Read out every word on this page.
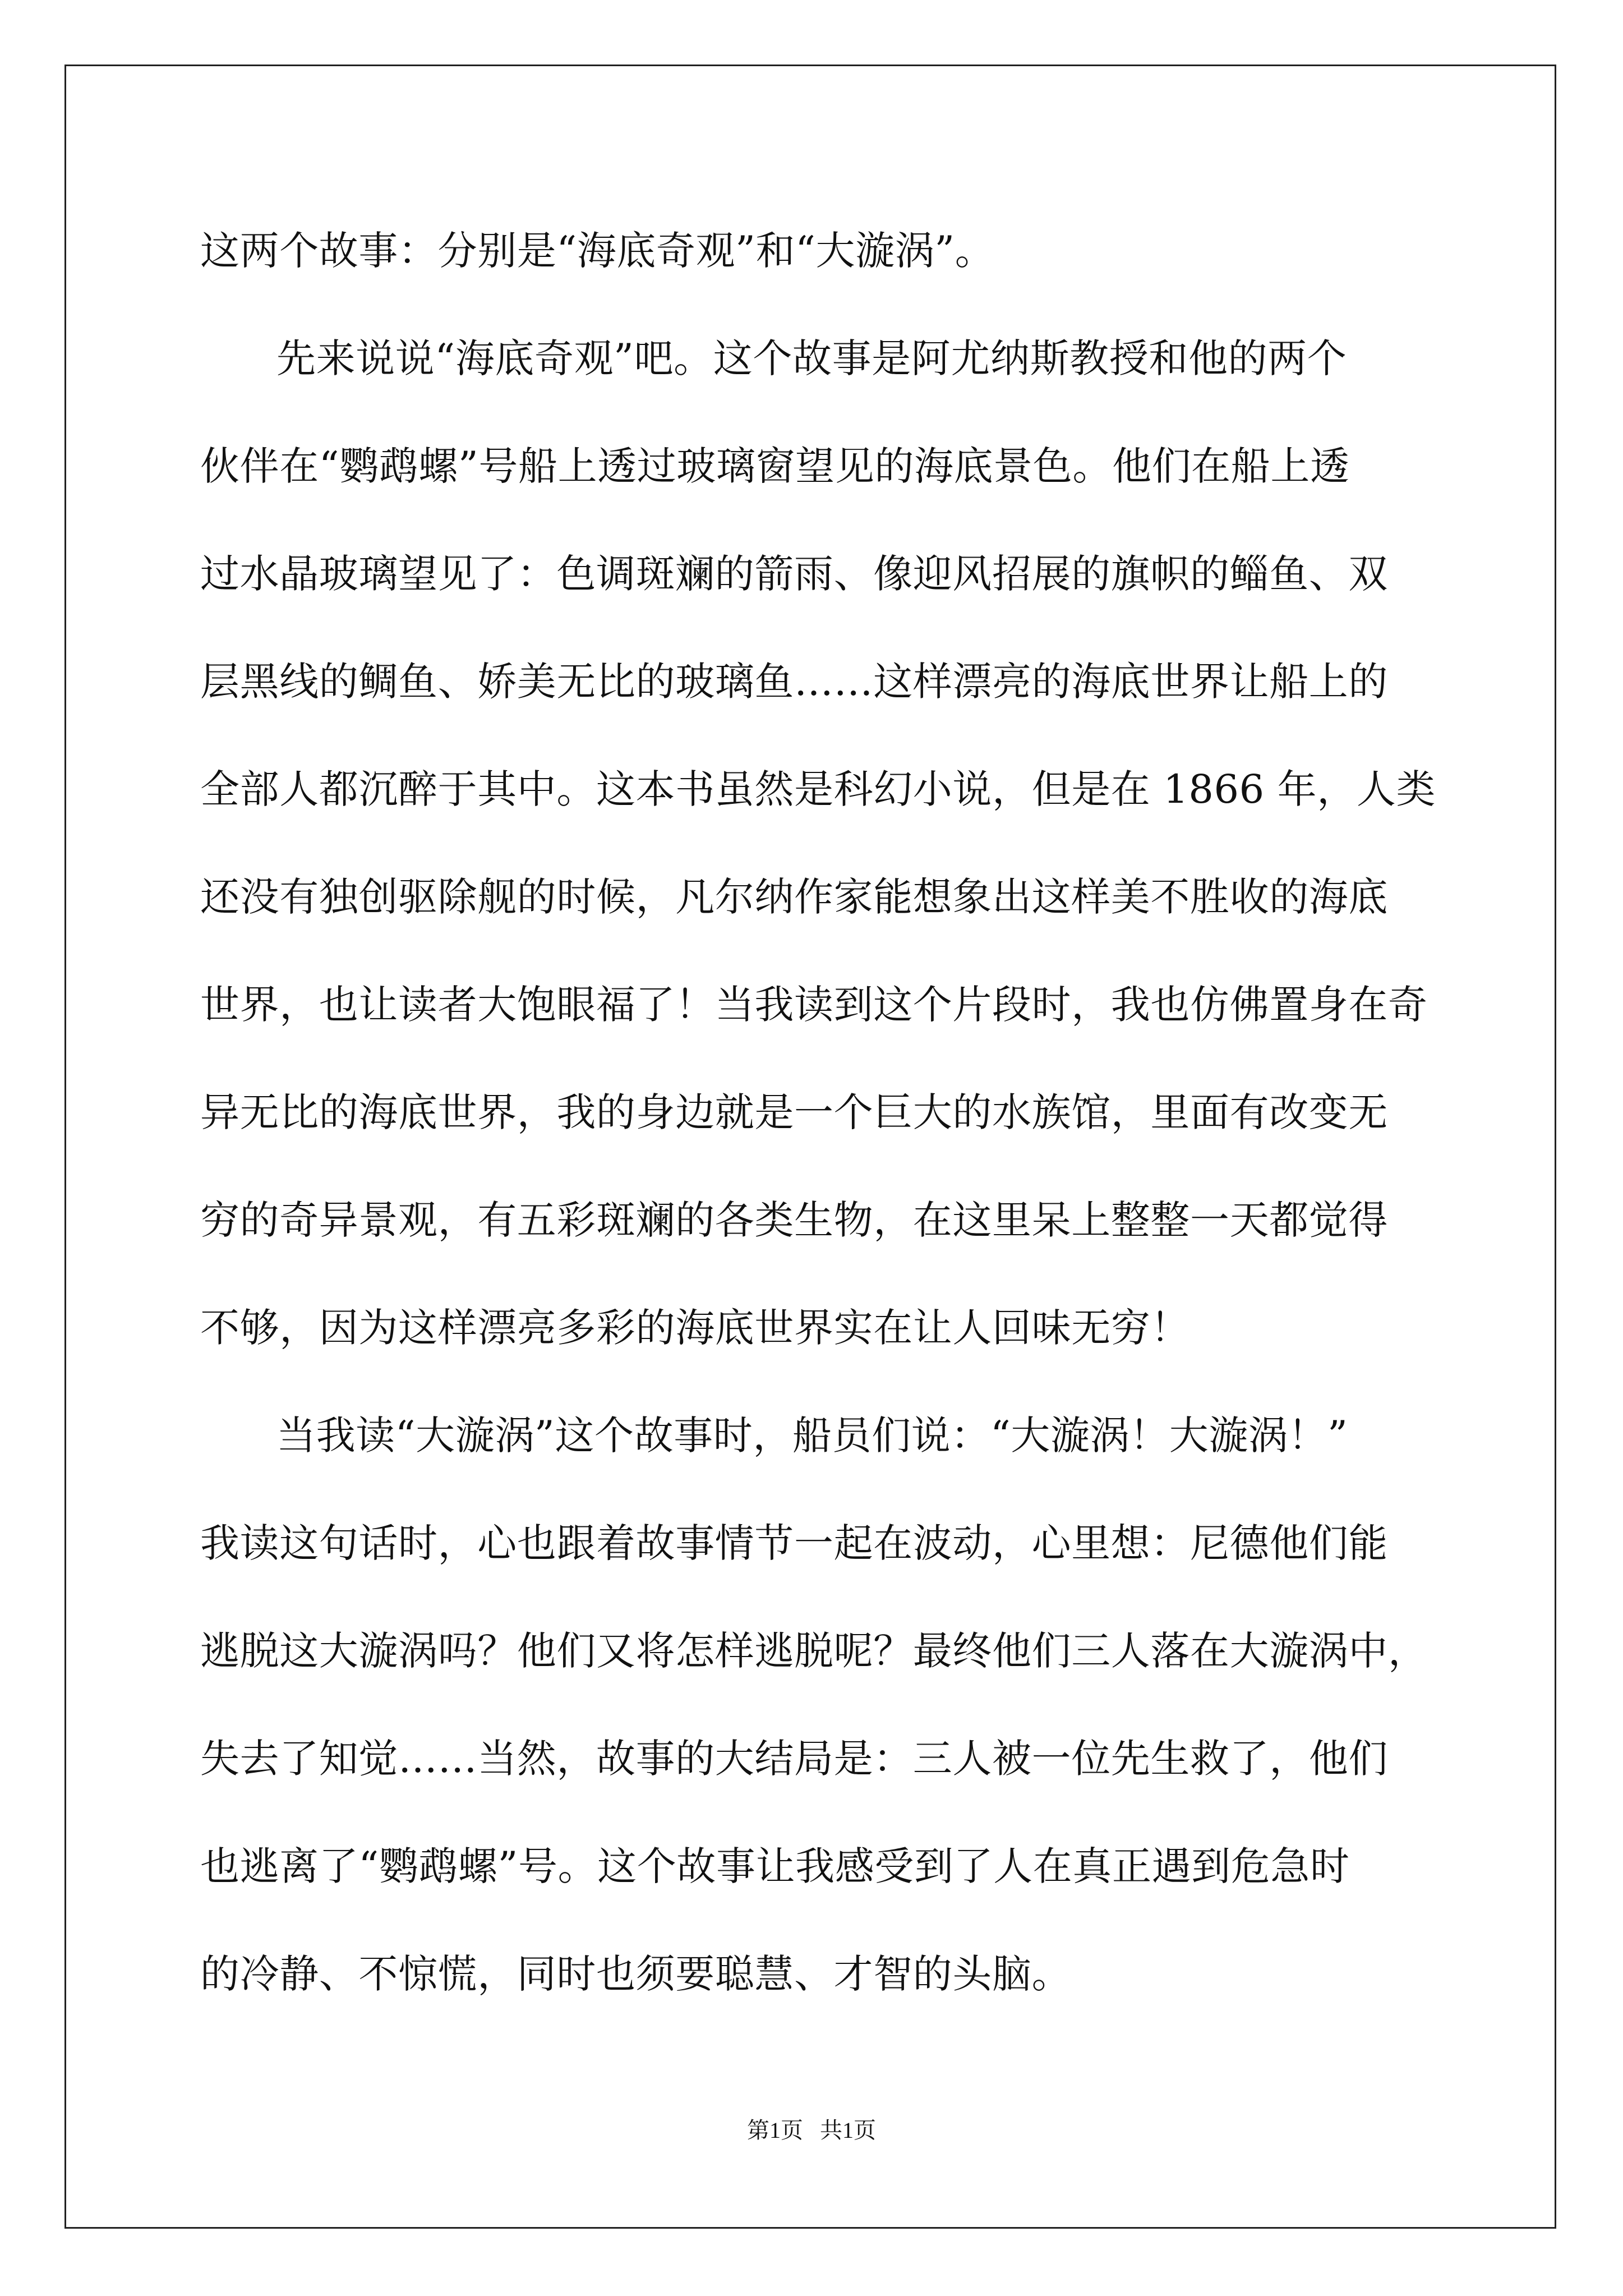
这两个故事：分别是“海底奇观”和“大漩涡”。
先来说说“海底奇观”吧。这个故事是阿尤纳斯教授和他的两个
伙伴在“鹦鹉螺”号船上透过玻璃窗望见的海底景色。他们在船上透
过水晶玻璃望见了：色调斑斓的箭雨、像迎风招展的旗帜的鲻鱼、双
层黑线的鲷鱼、娇美无比的玻璃鱼……这样漂亮的海底世界让船上的
全部人都沉醉于其中。这本书虽然是科幻小说，但是在 1866 年，人类
还没有独创驱除舰的时候，凡尔纳作家能想象出这样美不胜收的海底
世界，也让读者大饱眼福了！当我读到这个片段时，我也仿佛置身在奇
异无比的海底世界，我的身边就是一个巨大的水族馆，里面有改变无
穷的奇异景观，有五彩斑斓的各类生物，在这里呆上整整一天都觉得
不够，因为这样漂亮多彩的海底世界实在让人回味无穷！
当我读“大漩涡”这个故事时，船员们说：“大漩涡！大漩涡！”
我读这句话时，心也跟着故事情节一起在波动，心里想：尼德他们能
逃脱这大漩涡吗？他们又将怎样逃脱呢？最终他们三人落在大漩涡中，
失去了知觉……当然，故事的大结局是：三人被一位先生救了，他们
也逃离了“鹦鹉螺”号。这个故事让我感受到了人在真正遇到危急时
的冷静、不惊慌，同时也须要聪慧、才智的头脑。
第1页   共1页
